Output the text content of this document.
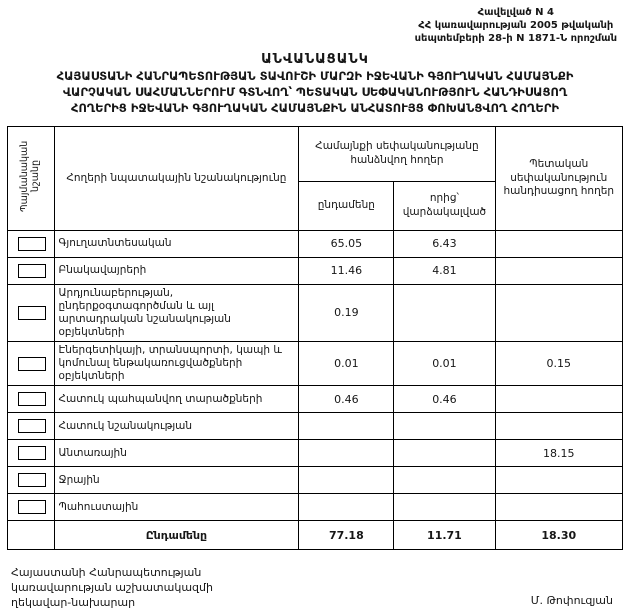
Հավելված N 4
ՀՀ կառավարության 2005 թվականի
սեպտեմբերի 28-ի N 1871-Ն որոշման
ԱՆՎԱՆԱՑԱՆԿ
ՀԱՅԱՍՏԱՆԻ ՀԱՆՐԱՊԵՏՈՒԹՅԱՆ ՏԱՎՈՒՇԻ ՄԱՐԶԻ ԻՋԵՎԱՆԻ ԳՅՈՒՂԱԿԱՆ ՀԱՄԱՅՆՔԻ
ՎԱՐՉԱԿԱՆ ՍԱՀՄԱՆՆԵՐՈՒՄ ԳՏՆՎՈՂ՝ ՊԵՏԱԿԱՆ ՍԵՓԱԿԱՆՈՒԹՅՈՒՆ ՀԱՆԴԻՍԱՑՈՂ
ՀՈՂԵՐԻՑ ԻՋԵՎԱՆԻ ԳՅՈՒՂԱԿԱՆ ՀԱՄԱՅՆՔԻՆ ԱՆՀԱՏՈՒՅՑ ՓՈԽԱՆՑՎՈՂ ՀՈՂԵՐԻ
Պայմանական նշանը	Հողերի նպատակային նշանակությունը	Համայնքի սեփականությանը հանձնվող հողեր		Պետական սեփականություն հանդիսացող հողեր
		ընդամենը	որից՝ վարձակալված	

	Գյուղատնտեսական	65.05	6.43	

	Բնակավայրերի	11.46	4.81	

	Արդյունաբերության, ընդերքօգտագործման և այլ արտադրական նշանակության օբյեկտների	0.19		

	Էներգետիկայի, տրանսպորտի, կապի և կոմունալ ենթակառուցվածքների օբյեկտների	0.01	0.01	0.15

	Հատուկ պահպանվող տարածքների	0.46	0.46	

	Հատուկ նշանակության			

	Անտառային			18.15

	Ջրային			

	Պահուստային			
	Ընդամենը	77.18	11.71	18.30
Հայաստանի Հանրապետության
կառավարության աշխատակազմի
ղեկավար-նախարար	Մ. Թոփուզյան
